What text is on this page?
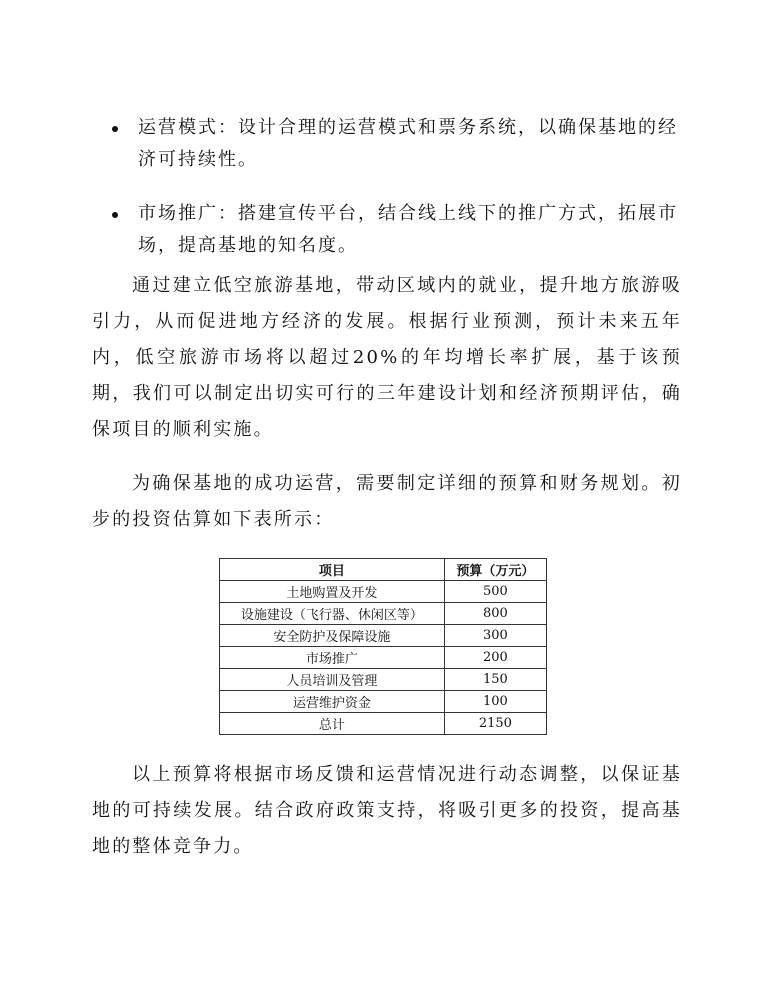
运营模式：设计合理的运营模式和票务系统，以确保基地的经济可持续性。
市场推广：搭建宣传平台，结合线上线下的推广方式，拓展市场，提高基地的知名度。

通过建立低空旅游基地，带动区域内的就业，提升地方旅游吸引力，从而促进地方经济的发展。根据行业预测，预计未来五年内，低空旅游市场将以超过20%的年均增长率扩展，基于该预期，我们可以制定出切实可行的三年建设计划和经济预期评估，确保项目的顺利实施。

为确保基地的成功运营，需要制定详细的预算和财务规划。初步的投资估算如下表所示：

项目	预算（万元）
土地购置及开发	500
设施建设（飞行器、休闲区等）	800
安全防护及保障设施	300
市场推广	200
人员培训及管理	150
运营维护资金	100
总计	2150

以上预算将根据市场反馈和运营情况进行动态调整，以保证基地的可持续发展。结合政府政策支持，将吸引更多的投资，提高基地的整体竞争力。
